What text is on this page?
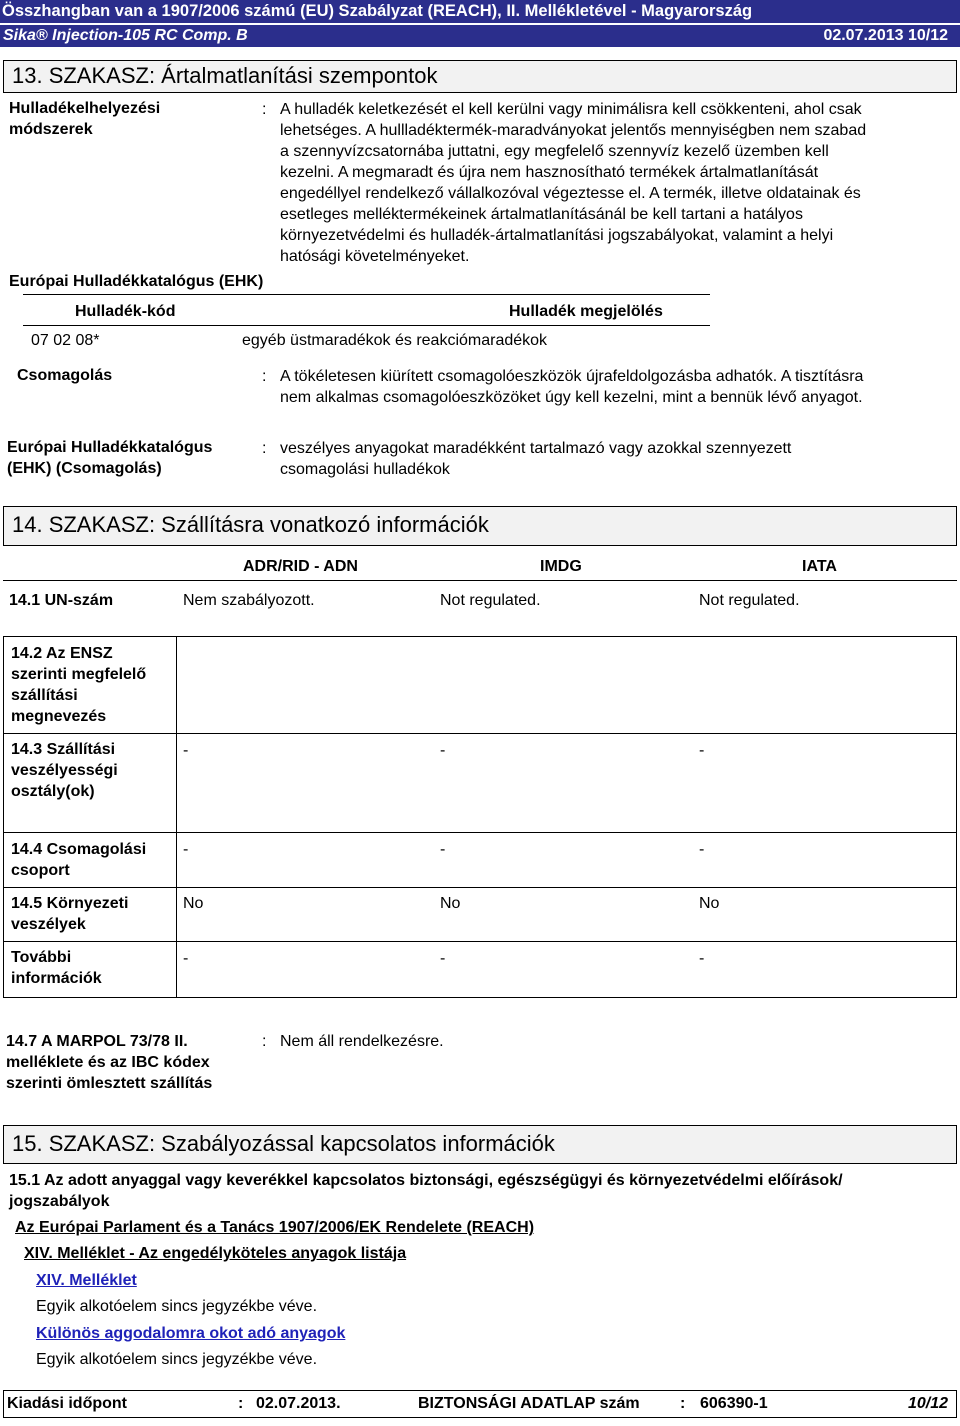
Összhangban van a 1907/2006 számú (EU) Szabályzat (REACH), II. Mellékletével - Magyarország
Sika® Injection-105 RC Comp. B	02.07.2013 10/12
13. SZAKASZ: Ártalmatlanítási szempontok
Hulladékelhelyezési
módszerek
: A hulladék keletkezését el kell kerülni vagy minimálisra kell csökkenteni, ahol csak
lehetséges. A hullladéktermék-maradványokat jelentős mennyiségben nem szabad
a szennyvízcsatornába juttatni, egy megfelelő szennyvíz kezelő üzemben kell
kezelni. A megmaradt és újra nem hasznosítható termékek ártalmatlanítását
engedéllyel rendelkező vállalkozóval végeztesse el. A termék, illetve oldatainak és
esetleges melléktermékeinek ártalmatlanításánál be kell tartani a hatályos
környezetvédelmi és hulladék-ártalmatlanítási jogszabályokat, valamint a helyi
hatósági követelményeket.
Európai Hulladékkatalógus (EHK)
Hulladék-kód	Hulladék megjelölés
07 02 08*	egyéb üstmaradékok és reakciómaradékok
Csomagolás	: A tökéletesen kiürített csomagolóeszközök újrafeldolgozásba adhatók. A tisztításra
nem alkalmas csomagolóeszközöket úgy kell kezelni, mint a bennük lévő anyagot.
Európai Hulladékkatalógus
(EHK) (Csomagolás)
: veszélyes anyagokat maradékként tartalmazó vagy azokkal szennyezett
csomagolási hulladékok
14. SZAKASZ: Szállításra vonatkozó információk
ADR/RID - ADN	IMDG	IATA
14.1 UN-szám	Nem szabályozott.	Not regulated.	Not regulated.
14.2 Az ENSZ
szerinti megfelelő
szállítási
megnevezés
14.3 Szállítási
veszélyességi
osztály(ok)
-	-	-
14.4 Csomagolási
csoport
-	-	-
14.5 Környezeti
veszélyek
No	No	No
További
információk
-	-	-
14.7 A MARPOL 73/78 II.
melléklete és az IBC kódex
szerinti ömlesztett szállítás
: Nem áll rendelkezésre.
15. SZAKASZ: Szabályozással kapcsolatos információk
15.1 Az adott anyaggal vagy keverékkel kapcsolatos biztonsági, egészségügyi és környezetvédelmi előírások/
jogszabályok
Az Európai Parlament és a Tanács 1907/2006/EK Rendelete (REACH)
XIV. Melléklet - Az engedélyköteles anyagok listája
XIV. Melléklet
Egyik alkotóelem sincs jegyzékbe véve.
Különös aggodalomra okot adó anyagok
Egyik alkotóelem sincs jegyzékbe véve.
Kiadási időpont	: 02.07.2013.	BIZTONSÁGI ADATLAP szám	: 606390-1	10/12
